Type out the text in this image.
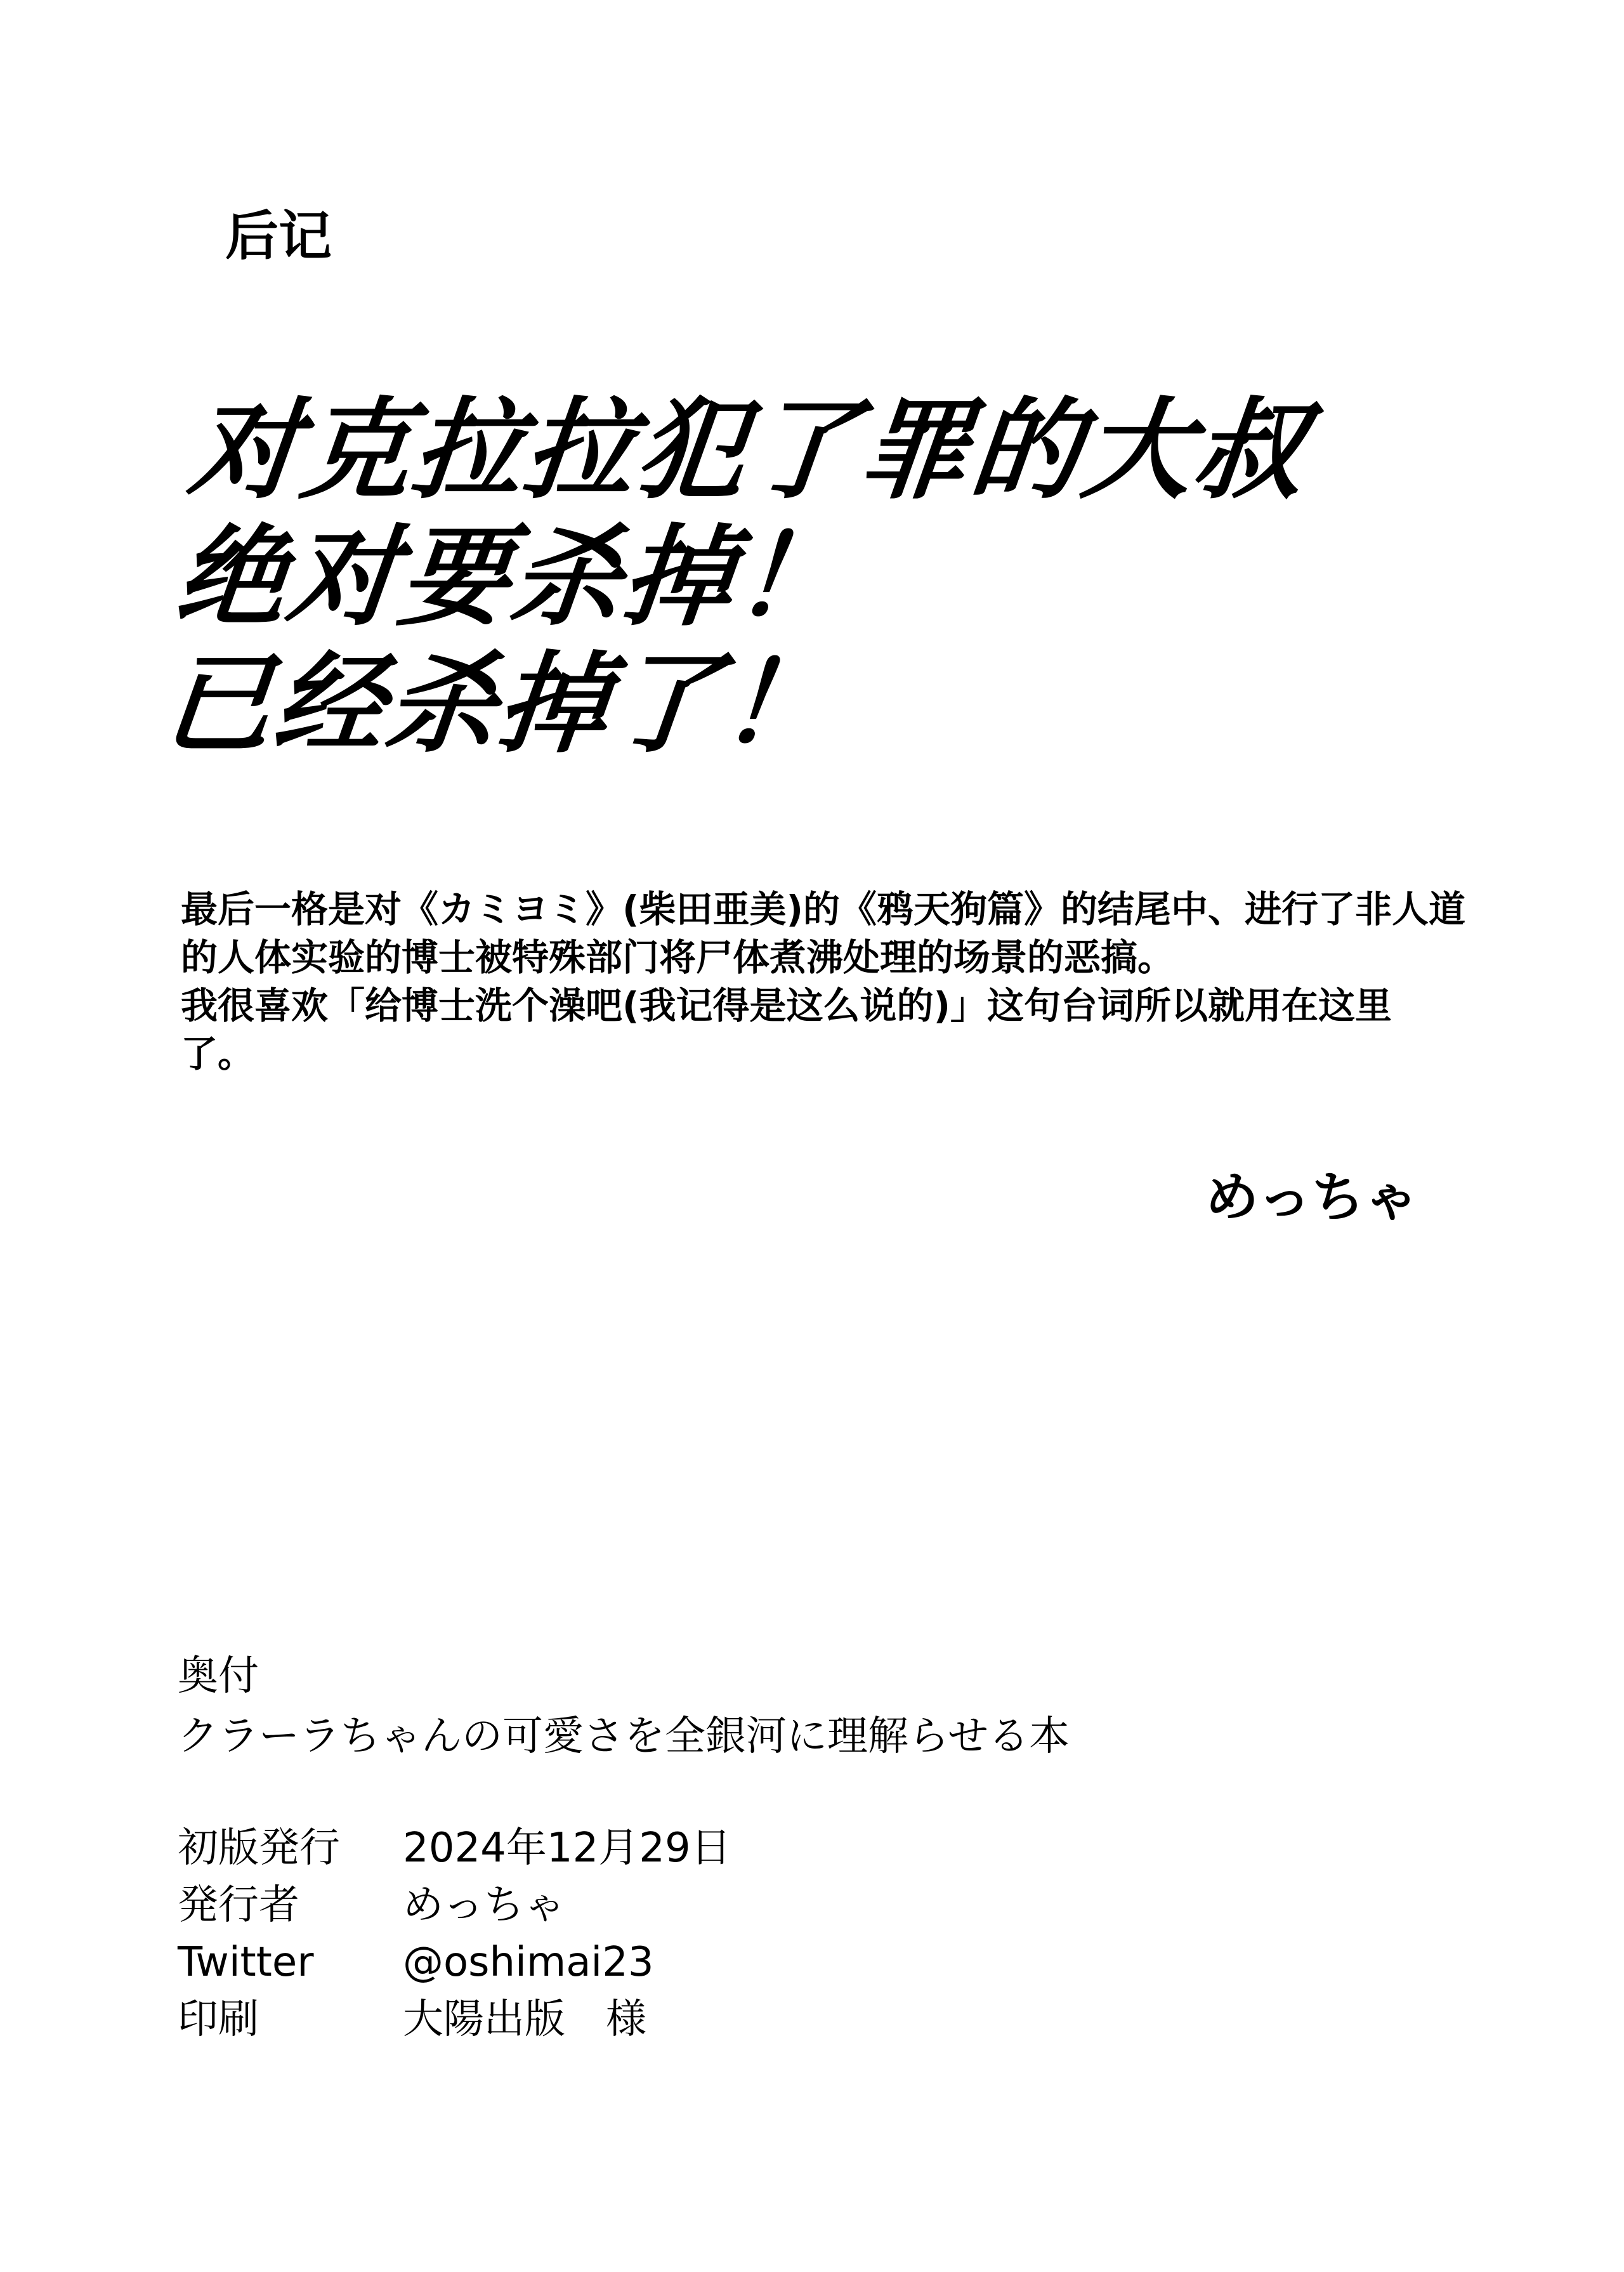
后记
对克拉拉犯了罪的大叔
绝对要杀掉！
已经杀掉了！
最后一格是对《カミヨミ》(柴田亜美)的《鸦天狗篇》的结尾中、进行了非人道
的人体实验的博士被特殊部门将尸体煮沸处理的场景的恶搞。
我很喜欢「给博士洗个澡吧(我记得是这么说的)」这句台词所以就用在这里
了。
めっちゃ
奥付
クラーラちゃんの可愛さを全銀河に理解らせる本
初版発行	2024年12月29日
発行者	めっちゃ
Twitter	@oshimai23
印刷	大陽出版　様
